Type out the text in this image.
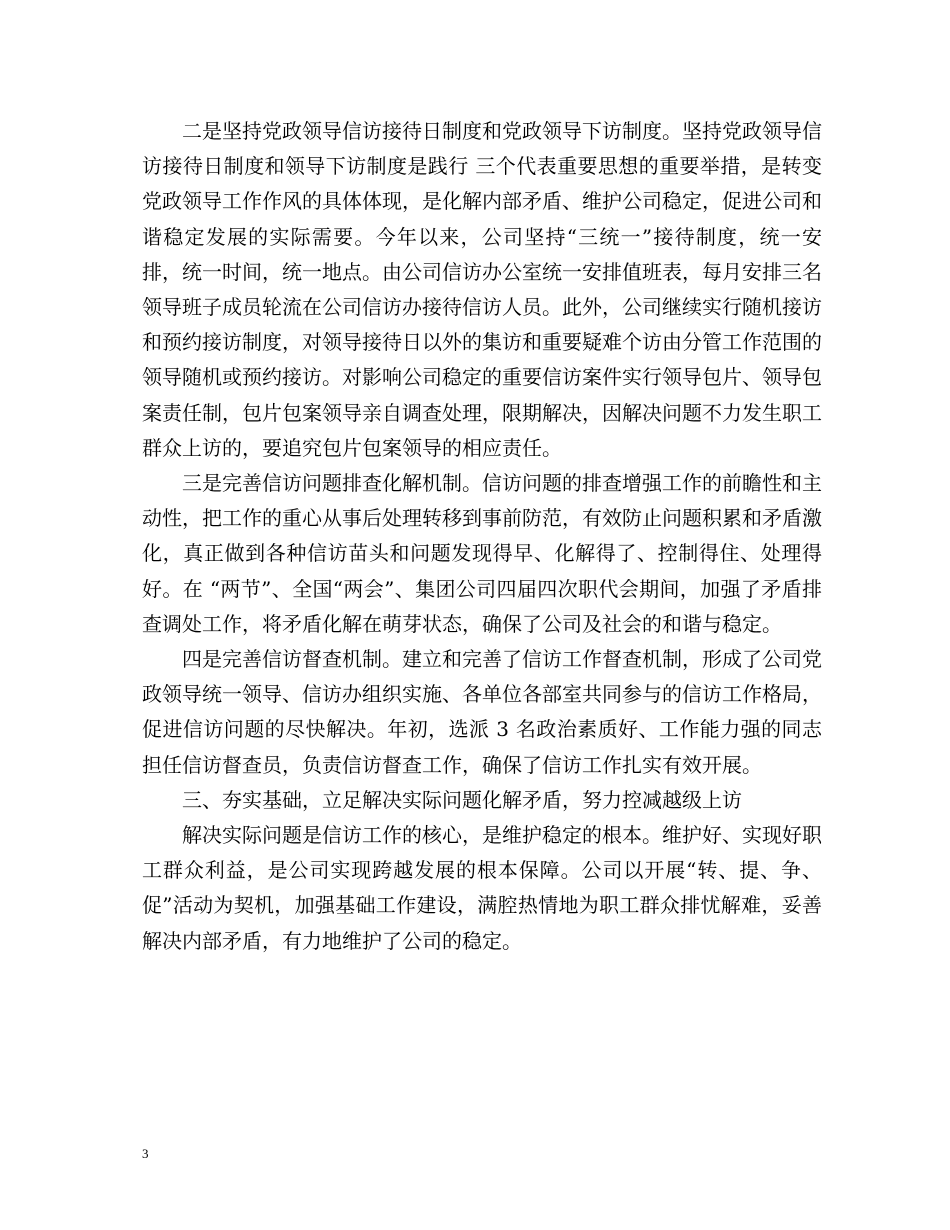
二是坚持党政领导信访接待日制度和党政领导下访制度。坚持党政领导信访接待日制度和领导下访制度是践行 三个代表重要思想的重要举措，是转变党政领导工作作风的具体体现，是化解内部矛盾、维护公司稳定，促进公司和谐稳定发展的实际需要。今年以来，公司坚持“三统一”接待制度，统一安排，统一时间，统一地点。由公司信访办公室统一安排值班表，每月安排三名领导班子成员轮流在公司信访办接待信访人员。此外，公司继续实行随机接访和预约接访制度，对领导接待日以外的集访和重要疑难个访由分管工作范围的领导随机或预约接访。对影响公司稳定的重要信访案件实行领导包片、领导包案责任制，包片包案领导亲自调查处理，限期解决，因解决问题不力发生职工群众上访的，要追究包片包案领导的相应责任。

三是完善信访问题排查化解机制。信访问题的排查增强工作的前瞻性和主动性，把工作的重心从事后处理转移到事前防范，有效防止问题积累和矛盾激化，真正做到各种信访苗头和问题发现得早、化解得了、控制得住、处理得好。在 “两节”、全国“两会”、集团公司四届四次职代会期间，加强了矛盾排查调处工作，将矛盾化解在萌芽状态，确保了公司及社会的和谐与稳定。

四是完善信访督查机制。建立和完善了信访工作督查机制，形成了公司党政领导统一领导、信访办组织实施、各单位各部室共同参与的信访工作格局，促进信访问题的尽快解决。年初，选派 3 名政治素质好、工作能力强的同志担任信访督查员，负责信访督查工作，确保了信访工作扎实有效开展。

三、夯实基础，立足解决实际问题化解矛盾，努力控减越级上访

解决实际问题是信访工作的核心，是维护稳定的根本。维护好、实现好职工群众利益，是公司实现跨越发展的根本保障。公司以开展“转、提、争、促”活动为契机，加强基础工作建设，满腔热情地为职工群众排忧解难，妥善解决内部矛盾，有力地维护了公司的稳定。

3
